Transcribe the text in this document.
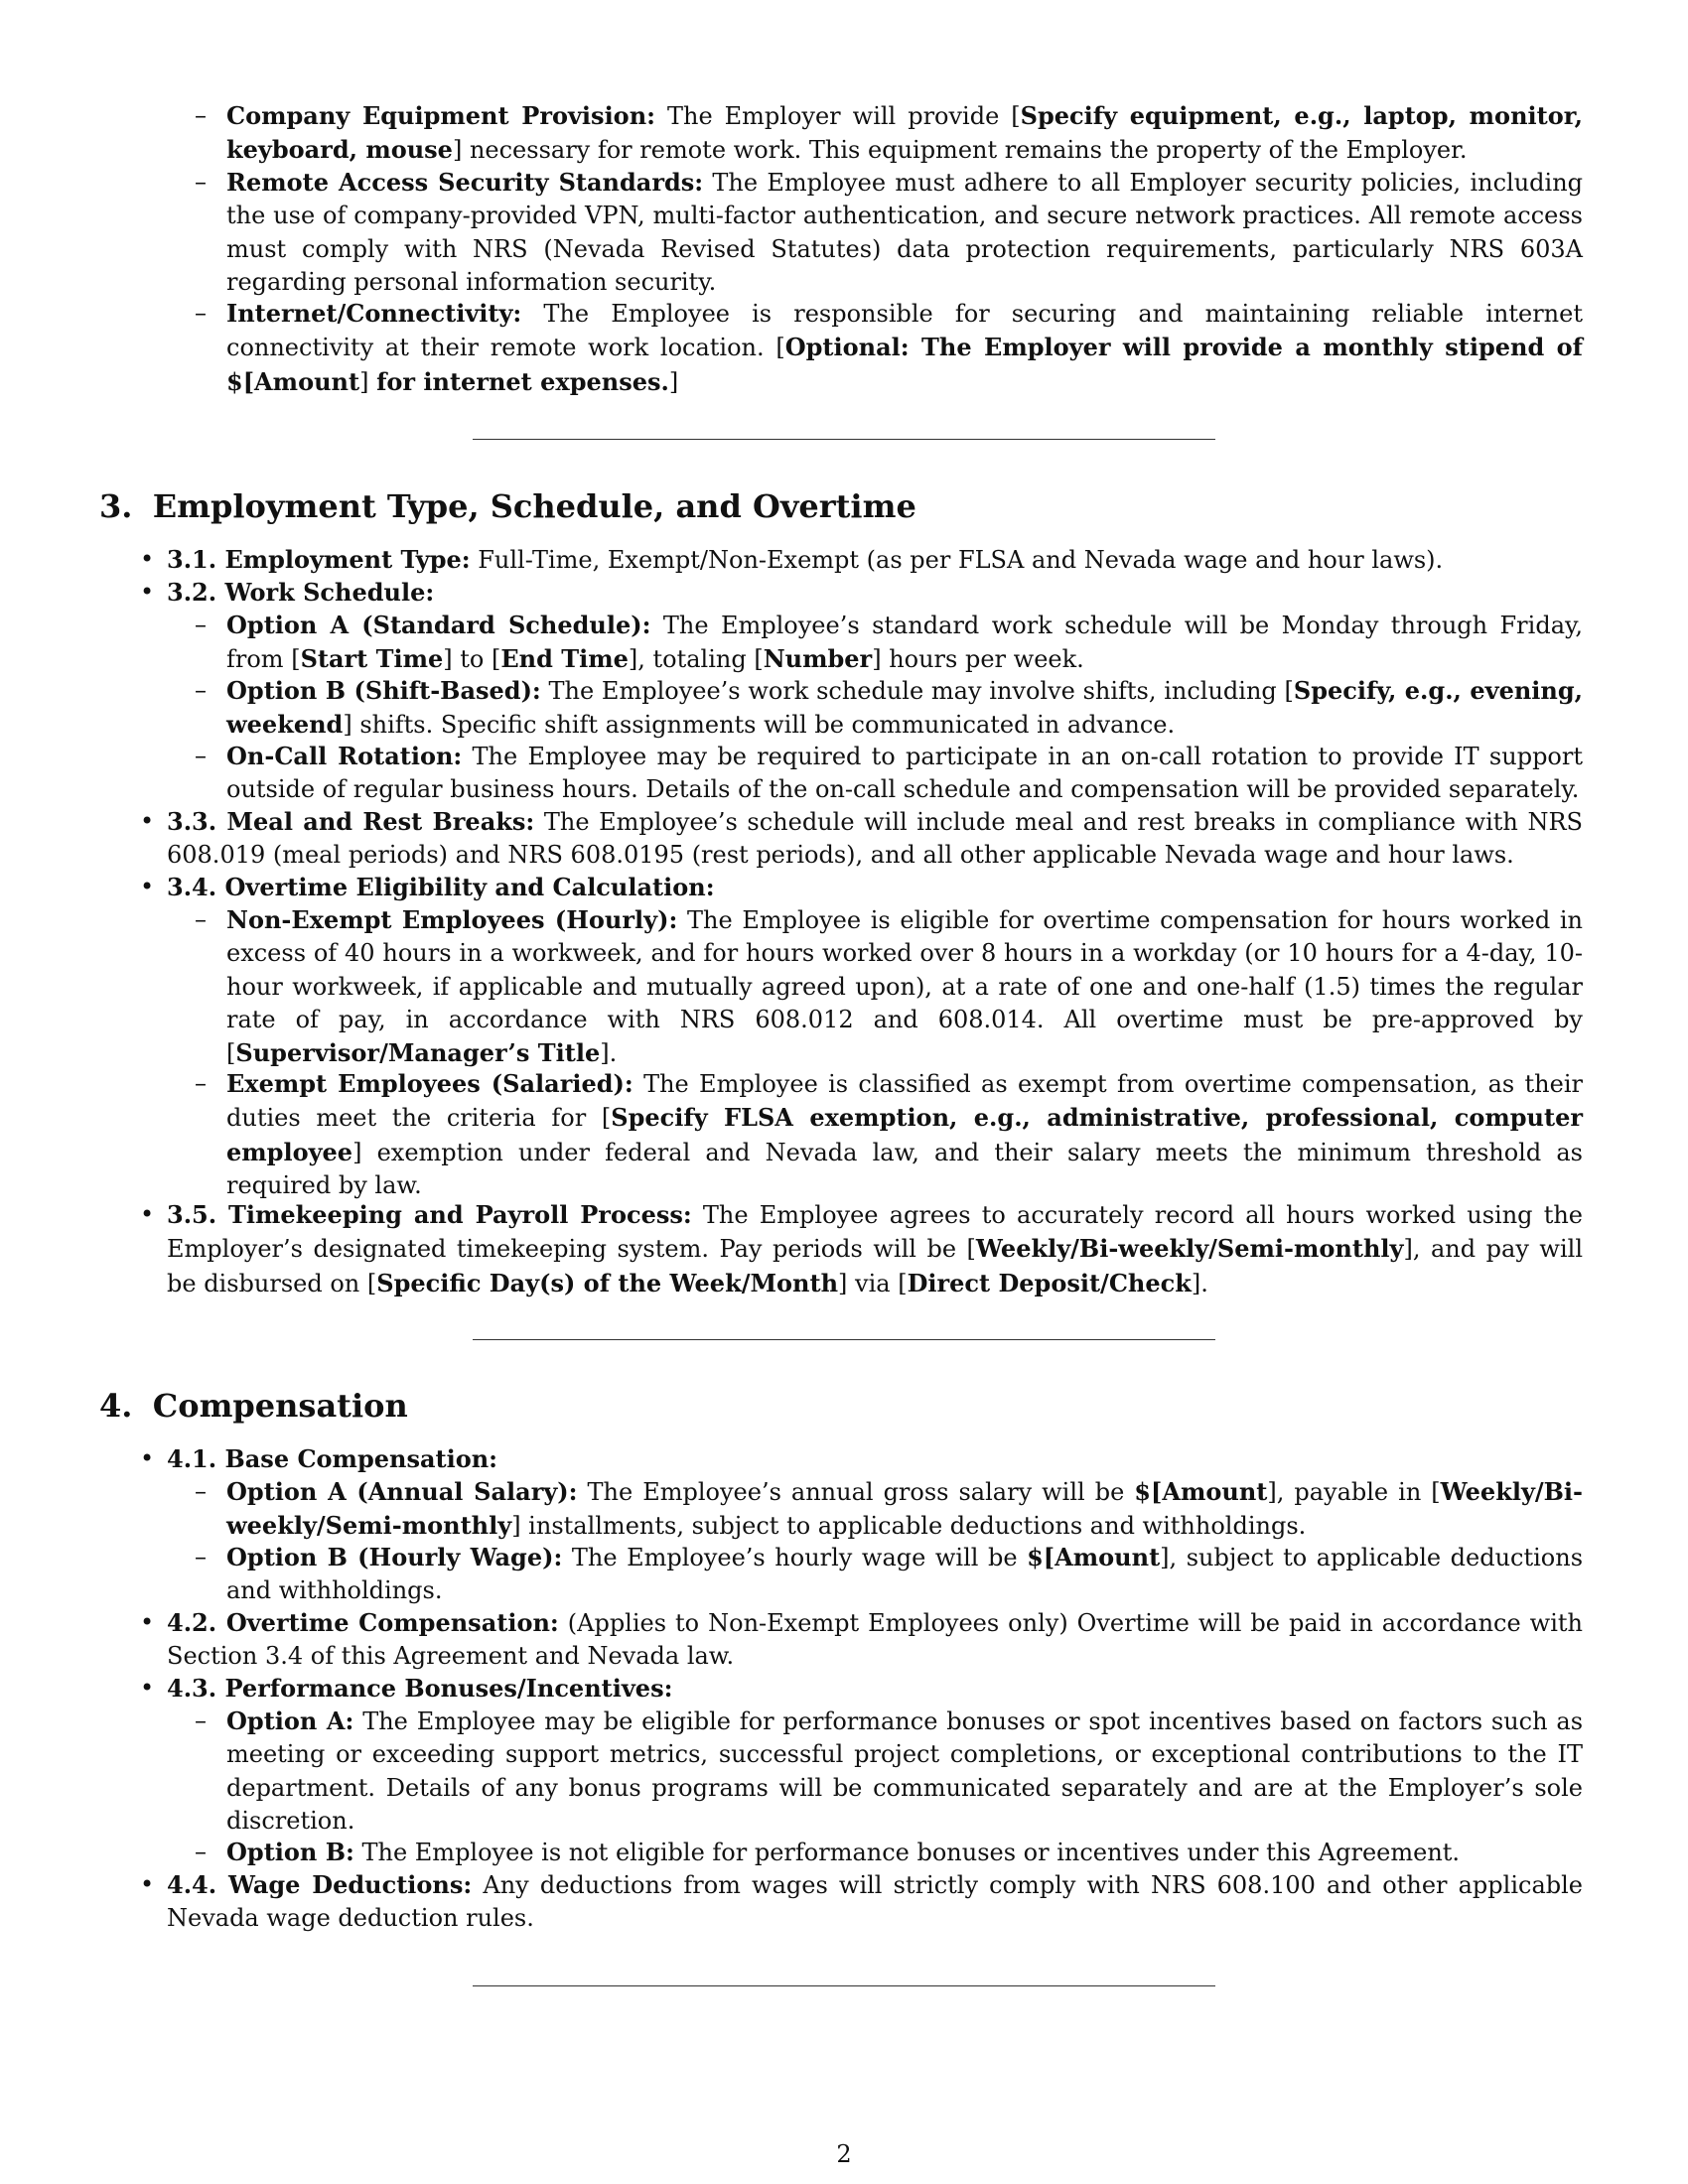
– Company Equipment Provision: The Employer will provide [Specify equipment, e.g., laptop, monitor, keyboard, mouse] necessary for remote work. This equipment remains the property of the Employer.

– Remote Access Security Standards: The Employee must adhere to all Employer security policies, including the use of company-provided VPN, multi-factor authentication, and secure network practices. All remote access must comply with NRS (Nevada Revised Statutes) data protection requirements, particularly NRS 603A regarding personal information security.

– Internet/Connectivity: The Employee is responsible for securing and maintaining reliable internet connectivity at their remote work location. [Optional: The Employer will provide a monthly stipend of $[Amount] for internet expenses.]

3. Employment Type, Schedule, and Overtime

• 3.1. Employment Type: Full-Time, Exempt/Non-Exempt (as per FLSA and Nevada wage and hour laws).

• 3.2. Work Schedule:

– Option A (Standard Schedule): The Employee’s standard work schedule will be Monday through Friday, from [Start Time] to [End Time], totaling [Number] hours per week.

– Option B (Shift-Based): The Employee’s work schedule may involve shifts, including [Specify, e.g., evening, weekend] shifts. Specific shift assignments will be communicated in advance.

– On-Call Rotation: The Employee may be required to participate in an on-call rotation to provide IT support outside of regular business hours. Details of the on-call schedule and compensation will be provided separately.

• 3.3. Meal and Rest Breaks: The Employee’s schedule will include meal and rest breaks in compliance with NRS 608.019 (meal periods) and NRS 608.0195 (rest periods), and all other applicable Nevada wage and hour laws.

• 3.4. Overtime Eligibility and Calculation:

– Non-Exempt Employees (Hourly): The Employee is eligible for overtime compensation for hours worked in excess of 40 hours in a workweek, and for hours worked over 8 hours in a workday (or 10 hours for a 4-day, 10-hour workweek, if applicable and mutually agreed upon), at a rate of one and one-half (1.5) times the regular rate of pay, in accordance with NRS 608.012 and 608.014. All overtime must be pre-approved by [Supervisor/Manager’s Title].

– Exempt Employees (Salaried): The Employee is classified as exempt from overtime compensation, as their duties meet the criteria for [Specify FLSA exemption, e.g., administrative, professional, computer employee] exemption under federal and Nevada law, and their salary meets the minimum threshold as required by law.

• 3.5. Timekeeping and Payroll Process: The Employee agrees to accurately record all hours worked using the Employer’s designated timekeeping system. Pay periods will be [Weekly/Bi-weekly/Semi-monthly], and pay will be disbursed on [Specific Day(s) of the Week/Month] via [Direct Deposit/Check].

4. Compensation

• 4.1. Base Compensation:

– Option A (Annual Salary): The Employee’s annual gross salary will be $[Amount], payable in [Weekly/Bi-weekly/Semi-monthly] installments, subject to applicable deductions and withholdings.

– Option B (Hourly Wage): The Employee’s hourly wage will be $[Amount], subject to applicable deductions and withholdings.

• 4.2. Overtime Compensation: (Applies to Non-Exempt Employees only) Overtime will be paid in accordance with Section 3.4 of this Agreement and Nevada law.

• 4.3. Performance Bonuses/Incentives:

– Option A: The Employee may be eligible for performance bonuses or spot incentives based on factors such as meeting or exceeding support metrics, successful project completions, or exceptional contributions to the IT department. Details of any bonus programs will be communicated separately and are at the Employer’s sole discretion.

– Option B: The Employee is not eligible for performance bonuses or incentives under this Agreement.

• 4.4. Wage Deductions: Any deductions from wages will strictly comply with NRS 608.100 and other applicable Nevada wage deduction rules.

2
